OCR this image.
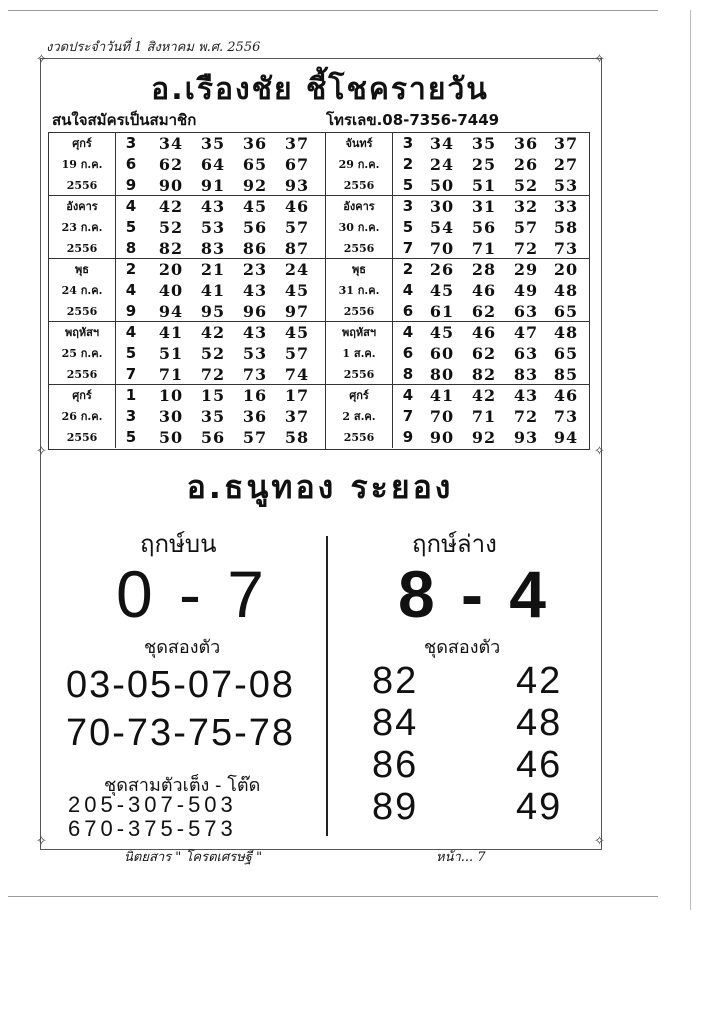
งวดประจำวันที่ 1 สิงหาคม พ.ศ. 2556
✧	✧
✧	✧
✧	✧
อ.เรืองชัย ชี้โชครายวัน
สนใจสมัครเป็นสมาชิก	โทรเลข.08-7356-7449
ศุกร์	3 34 35 36 37
19 ก.ค.	6 62 64 65 67
2556	9 90 91 92 93
อังคาร	4 42 43 45 46
23 ก.ค.	5 52 53 56 57
2556	8 82 83 86 87
พุธ	2 20 21 23 24
24 ก.ค.	4 40 41 43 45
2556	9 94 95 96 97
พฤหัสฯ	4 41 42 43 45
25 ก.ค.	5 51 52 53 57
2556	7 71 72 73 74
ศุกร์	1 10 15 16 17
26 ก.ค.	3 30 35 36 37
2556	5 50 56 57 58
จันทร์	3 34 35 36 37
29 ก.ค.	2 24 25 26 27
2556	5 50 51 52 53
อังคาร	3 30 31 32 33
30 ก.ค.	5 54 56 57 58
2556	7 70 71 72 73
พุธ	2 26 28 29 20
31 ก.ค.	4 45 46 49 48
2556	6 61 62 63 65
พฤหัสฯ	4 45 46 47 48
1 ส.ค.	6 60 62 63 65
2556	8 80 82 83 85
ศุกร์	4 41 42 43 46
2 ส.ค.	7 70 71 72 73
2556	9 90 92 93 94
อ.ธนูทอง ระยอง
ฤกษ์บน	ฤกษ์ล่าง
0 - 7	8 - 4
ชุดสองตัว	ชุดสองตัว
03-05-07-08
70-73-75-78
82	42
84	48
86	46
89	49
ชุดสามตัวเต็ง - โต๊ด
205-307-503
670-375-573
นิตยสาร " โครตเศรษฐี "	หน้า... 7
